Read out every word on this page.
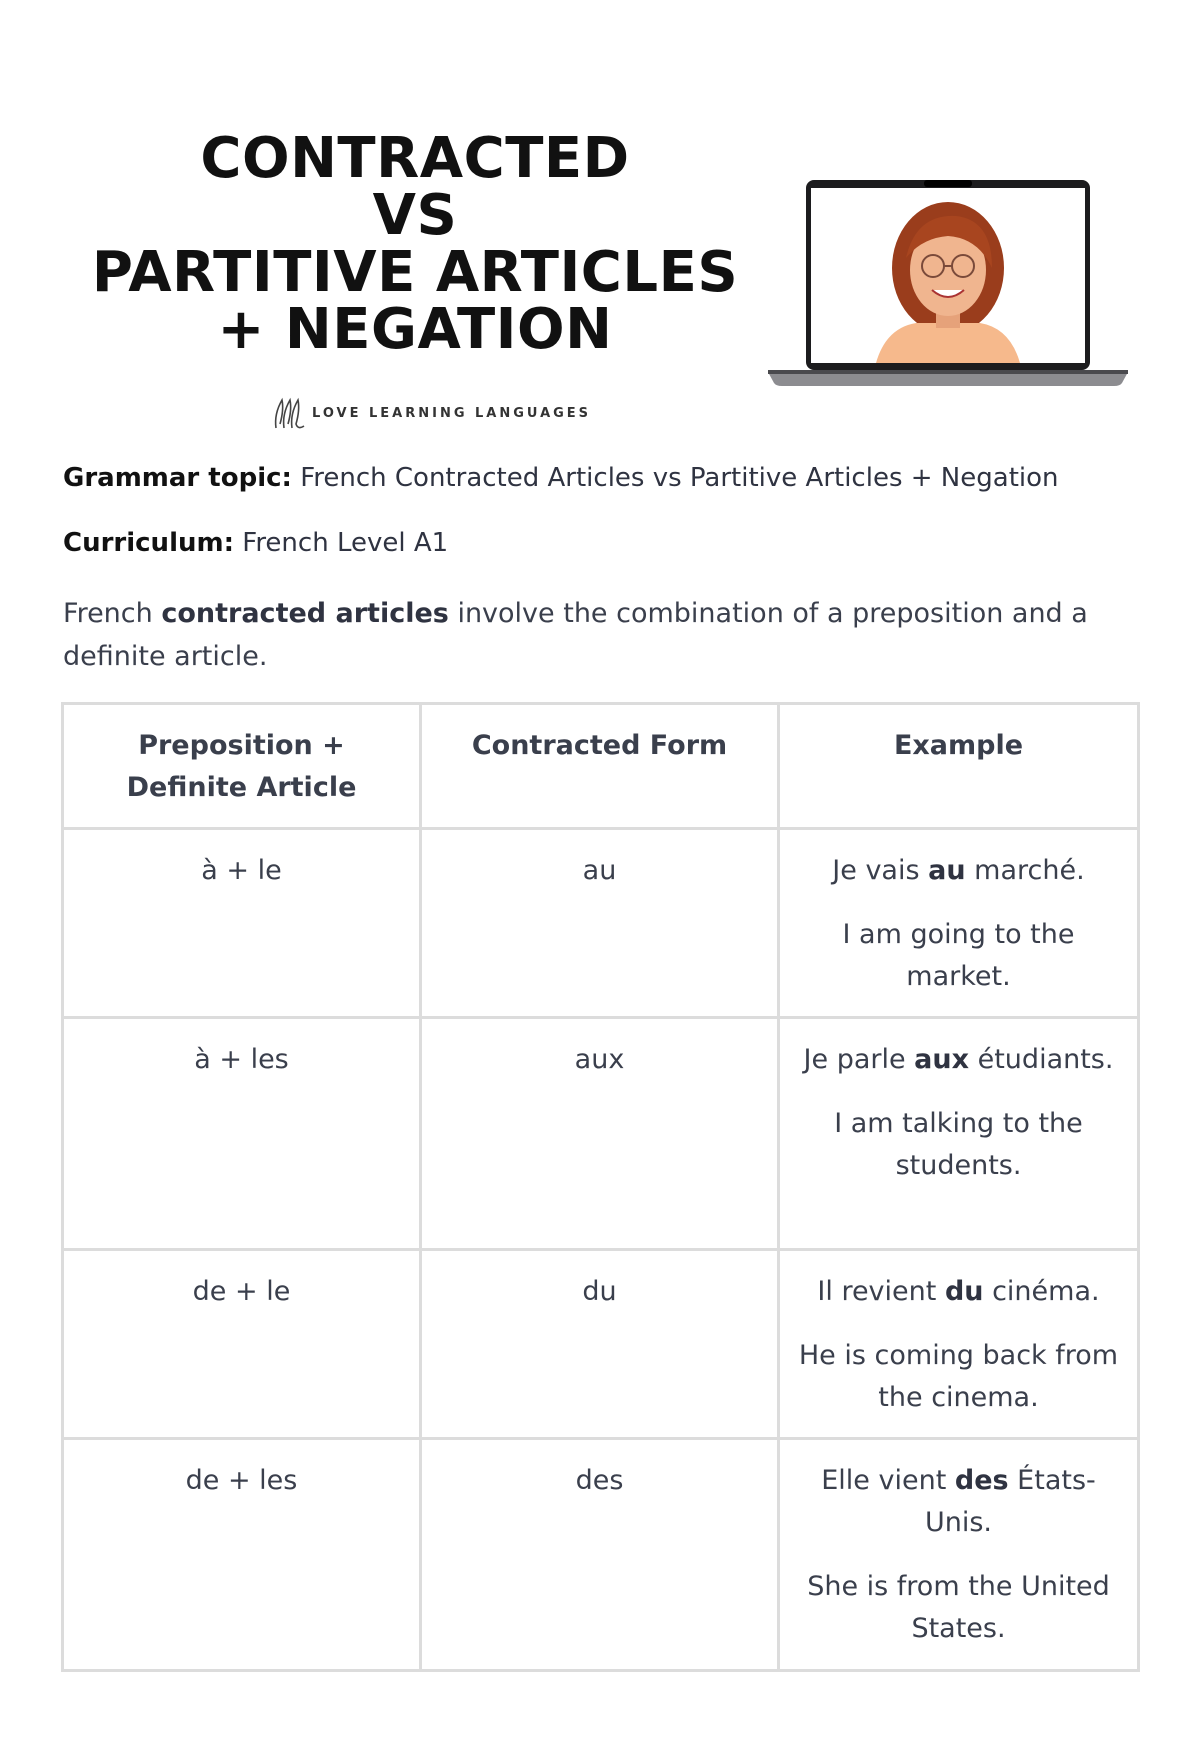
CONTRACTED
VS
PARTITIVE ARTICLES
+ NEGATION
LOVE LEARNING LANGUAGES
Grammar topic: French Contracted Articles vs Partitive Articles + Negation
Curriculum: French Level A1
French contracted articles involve the combination of a preposition and a definite article.
Preposition + Definite Article	Contracted Form	Example
à + le	au	Je vais au marché.

I am going to the market.

à + les	aux	Je parle aux étudiants.

I am talking to the students.

de + le	du	Il revient du cinéma.

He is coming back from the cinema.

de + les	des	Elle vient des États-Unis.

She is from the United States.
